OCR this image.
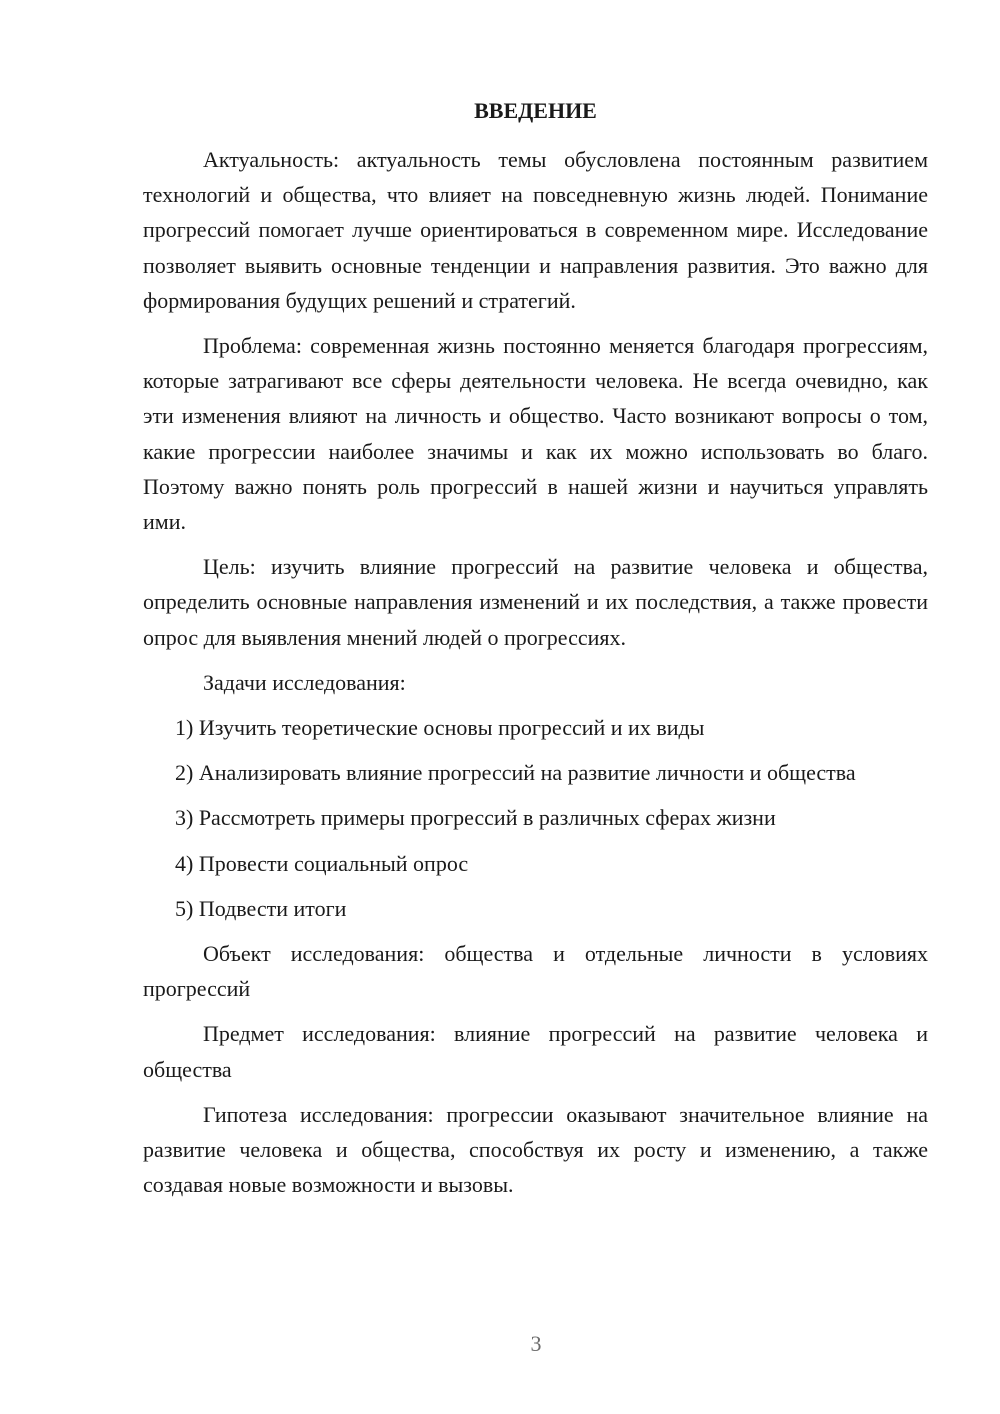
ВВЕДЕНИЕ

Актуальность: актуальность темы обусловлена постоянным развитием технологий и общества, что влияет на повседневную жизнь людей. Понимание прогрессий помогает лучше ориентироваться в современном мире. Исследование позволяет выявить основные тенденции и направления развития. Это важно для формирования будущих решений и стратегий.

Проблема: современная жизнь постоянно меняется благодаря прогрессиям, которые затрагивают все сферы деятельности человека. Не всегда очевидно, как эти изменения влияют на личность и общество. Часто возникают вопросы о том, какие прогрессии наиболее значимы и как их можно использовать во благо. Поэтому важно понять роль прогрессий в нашей жизни и научиться управлять ими.

Цель: изучить влияние прогрессий на развитие человека и общества, определить основные направления изменений и их последствия, а также провести опрос для выявления мнений людей о прогрессиях.

Задачи исследования:

1) Изучить теоретические основы прогрессий и их виды

2) Анализировать влияние прогрессий на развитие личности и общества

3) Рассмотреть примеры прогрессий в различных сферах жизни

4) Провести социальный опрос

5) Подвести итоги

Объект исследования: общества и отдельные личности в условиях прогрессий

Предмет исследования: влияние прогрессий на развитие человека и общества

Гипотеза исследования: прогрессии оказывают значительное влияние на развитие человека и общества, способствуя их росту и изменению, а также создавая новые возможности и вызовы.

3
